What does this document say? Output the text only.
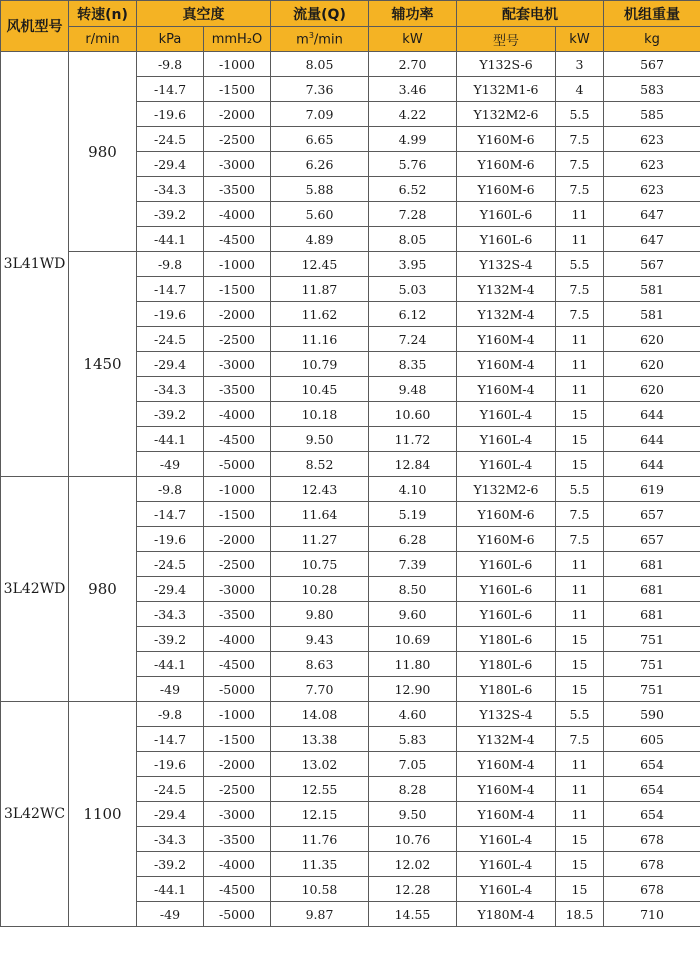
风机型号	转速(n)	真空度		流量(Q)	辅功率	配套电机		机组重量
	r/min	kPa	mmH₂O	$m^3/\min$	kW	型号	kW	kg
3L41WD	980	-9.8	-1000	8.05	2.70	Y132S-6	3	567
		-14.7	-1500	7.36	3.46	Y132M1-6	4	583
		-19.6	-2000	7.09	4.22	Y132M2-6	5.5	585
		-24.5	-2500	6.65	4.99	Y160M-6	7.5	623
		-29.4	-3000	6.26	5.76	Y160M-6	7.5	623
		-34.3	-3500	5.88	6.52	Y160M-6	7.5	623
		-39.2	-4000	5.60	7.28	Y160L-6	11	647
		-44.1	-4500	4.89	8.05	Y160L-6	11	647
	1450	-9.8	-1000	12.45	3.95	Y132S-4	5.5	567
		-14.7	-1500	11.87	5.03	Y132M-4	7.5	581
		-19.6	-2000	11.62	6.12	Y132M-4	7.5	581
		-24.5	-2500	11.16	7.24	Y160M-4	11	620
		-29.4	-3000	10.79	8.35	Y160M-4	11	620
		-34.3	-3500	10.45	9.48	Y160M-4	11	620
		-39.2	-4000	10.18	10.60	Y160L-4	15	644
		-44.1	-4500	9.50	11.72	Y160L-4	15	644
		-49	-5000	8.52	12.84	Y160L-4	15	644
3L42WD	980	-9.8	-1000	12.43	4.10	Y132M2-6	5.5	619
		-14.7	-1500	11.64	5.19	Y160M-6	7.5	657
		-19.6	-2000	11.27	6.28	Y160M-6	7.5	657
		-24.5	-2500	10.75	7.39	Y160L-6	11	681
		-29.4	-3000	10.28	8.50	Y160L-6	11	681
		-34.3	-3500	9.80	9.60	Y160L-6	11	681
		-39.2	-4000	9.43	10.69	Y180L-6	15	751
		-44.1	-4500	8.63	11.80	Y180L-6	15	751
		-49	-5000	7.70	12.90	Y180L-6	15	751
3L42WC	1100	-9.8	-1000	14.08	4.60	Y132S-4	5.5	590
		-14.7	-1500	13.38	5.83	Y132M-4	7.5	605
		-19.6	-2000	13.02	7.05	Y160M-4	11	654
		-24.5	-2500	12.55	8.28	Y160M-4	11	654
		-29.4	-3000	12.15	9.50	Y160M-4	11	654
		-34.3	-3500	11.76	10.76	Y160L-4	15	678
		-39.2	-4000	11.35	12.02	Y160L-4	15	678
		-44.1	-4500	10.58	12.28	Y160L-4	15	678
		-49	-5000	9.87	14.55	Y180M-4	18.5	710
